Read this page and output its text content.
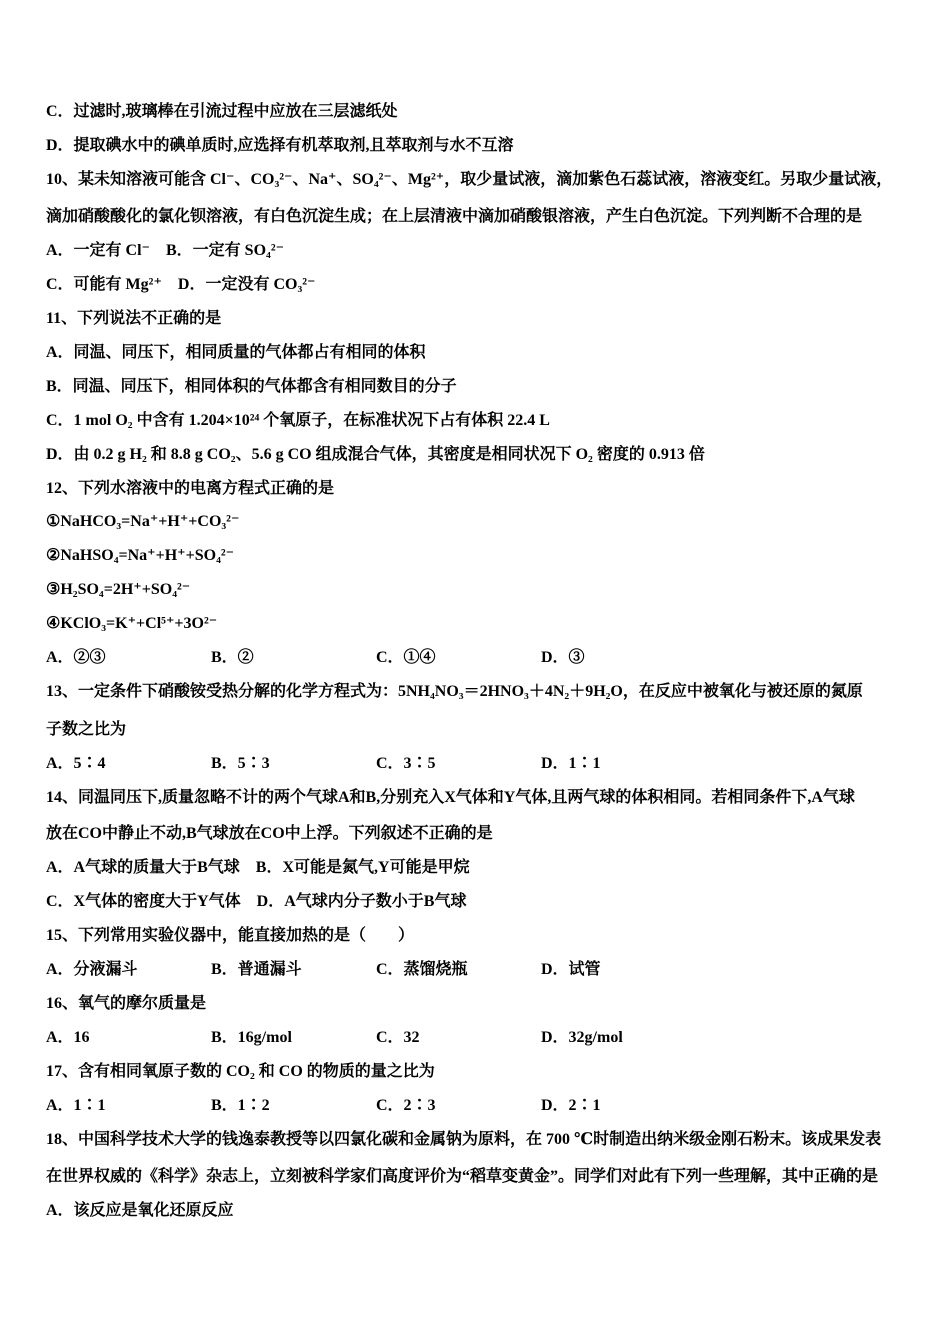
C．过滤时,玻璃棒在引流过程中应放在三层滤纸处
D．提取碘水中的碘单质时,应选择有机萃取剂,且萃取剂与水不互溶
10、某未知溶液可能含 Cl⁻、CO₃²⁻、Na⁺、SO₄²⁻、Mg²⁺，取少量试液，滴加紫色石蕊试液，溶液变红。另取少量试液，
滴加硝酸酸化的氯化钡溶液，有白色沉淀生成；在上层清液中滴加硝酸银溶液，产生白色沉淀。下列判断不合理的是
A．一定有 Cl⁻　B．一定有 SO₄²⁻
C．可能有 Mg²⁺　D．一定没有 CO₃²⁻
11、下列说法不正确的是
A．同温、同压下，相同质量的气体都占有相同的体积
B．同温、同压下，相同体积的气体都含有相同数目的分子
C．1 mol O₂ 中含有 1.204×10²⁴ 个氧原子，在标准状况下占有体积 22.4 L
D．由 0.2 g H₂ 和 8.8 g CO₂、5.6 g CO 组成混合气体，其密度是相同状况下 O₂ 密度的 0.913 倍
12、下列水溶液中的电离方程式正确的是
①NaHCO₃=Na⁺+H⁺+CO₃²⁻
②NaHSO₄=Na⁺+H⁺+SO₄²⁻
③H₂SO₄=2H⁺+SO₄²⁻
④KClO₃=K⁺+Cl⁵⁺+3O²⁻
A．②③	B．②	C．①④	D．③
13、一定条件下硝酸铵受热分解的化学方程式为：5NH₄NO₃＝2HNO₃＋4N₂＋9H₂O，在反应中被氧化与被还原的氮原
子数之比为
A．5∶4	B．5∶3	C．3∶5	D．1∶1
14、同温同压下,质量忽略不计的两个气球A和B,分别充入X气体和Y气体,且两气球的体积相同。若相同条件下,A气球
放在CO中静止不动,B气球放在CO中上浮。下列叙述不正确的是
A．A气球的质量大于B气球　B．X可能是氮气,Y可能是甲烷
C．X气体的密度大于Y气体　D．A气球内分子数小于B气球
15、下列常用实验仪器中，能直接加热的是（　　）
A．分液漏斗	B．普通漏斗	C．蒸馏烧瓶	D．试管
16、氧气的摩尔质量是
A．16	B．16g/mol	C．32	D．32g/mol
17、含有相同氧原子数的 CO₂ 和 CO 的物质的量之比为
A．1∶1	B．1∶2	C．2∶3	D．2∶1
18、中国科学技术大学的钱逸泰教授等以四氯化碳和金属钠为原料，在 700 ℃时制造出纳米级金刚石粉末。该成果发表
在世界权威的《科学》杂志上，立刻被科学家们高度评价为“稻草变黄金”。同学们对此有下列一些理解，其中正确的是
A．该反应是氧化还原反应
